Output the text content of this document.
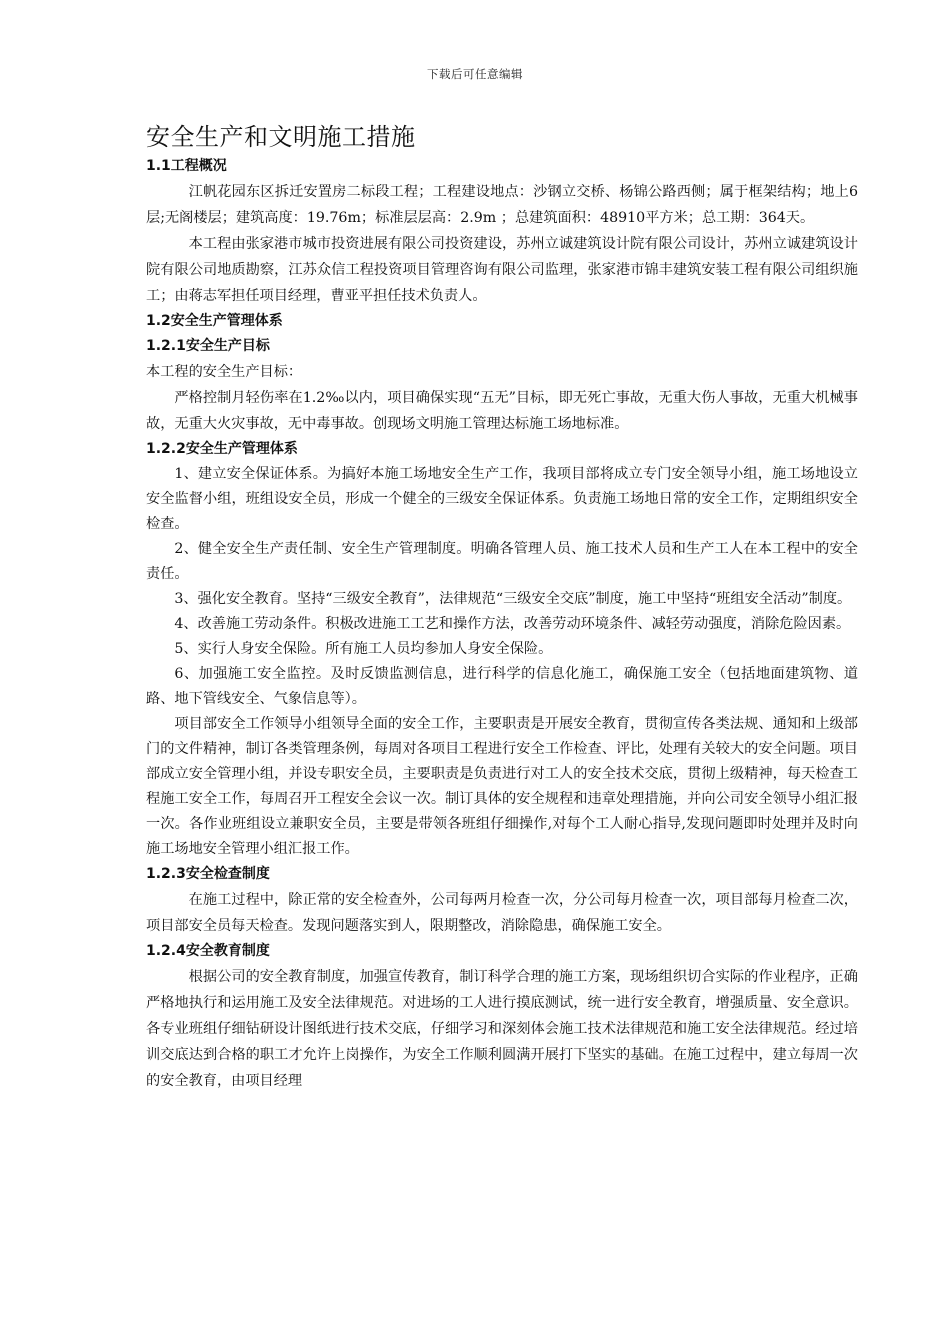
下载后可任意编辑
安全生产和文明施工措施
1.1工程概况

江帆花园东区拆迁安置房二标段工程；工程建设地点：沙钢立交桥、杨锦公路西侧；属于框架结构；地上6层;无阁楼层；建筑高度：19.76m；标准层层高：2.9m ；总建筑面积：48910平方米；总工期：364天。

本工程由张家港市城市投资进展有限公司投资建设，苏州立诚建筑设计院有限公司设计，苏州立诚建筑设计院有限公司地质勘察，江苏众信工程投资项目管理咨询有限公司监理，张家港市锦丰建筑安装工程有限公司组织施工；由蒋志军担任项目经理，曹亚平担任技术负责人。

1.2安全生产管理体系
1.2.1安全生产目标

本工程的安全生产目标：

严格控制月轻伤率在1.2‰以内，项目确保实现“五无”目标，即无死亡事故，无重大伤人事故，无重大机械事故，无重大火灾事故，无中毒事故。创现场文明施工管理达标施工场地标准。

1.2.2安全生产管理体系

1、建立安全保证体系。为搞好本施工场地安全生产工作，我项目部将成立专门安全领导小组，施工场地设立安全监督小组，班组设安全员，形成一个健全的三级安全保证体系。负责施工场地日常的安全工作，定期组织安全检查。

2、健全安全生产责任制、安全生产管理制度。明确各管理人员、施工技术人员和生产工人在本工程中的安全责任。

3、强化安全教育。坚持“三级安全教育”，法律规范“三级安全交底”制度，施工中坚持“班组安全活动”制度。

4、改善施工劳动条件。积极改进施工工艺和操作方法，改善劳动环境条件、减轻劳动强度，消除危险因素。

5、实行人身安全保险。所有施工人员均参加人身安全保险。

6、加强施工安全监控。及时反馈监测信息，进行科学的信息化施工，确保施工安全（包括地面建筑物、道路、地下管线安全、气象信息等）。

项目部安全工作领导小组领导全面的安全工作，主要职责是开展安全教育，贯彻宣传各类法规、通知和上级部门的文件精神，制订各类管理条例，每周对各项目工程进行安全工作检查、评比，处理有关较大的安全问题。项目部成立安全管理小组，并设专职安全员，主要职责是负责进行对工人的安全技术交底，贯彻上级精神，每天检查工程施工安全工作，每周召开工程安全会议一次。制订具体的安全规程和违章处理措施，并向公司安全领导小组汇报一次。各作业班组设立兼职安全员，主要是带领各班组仔细操作,对每个工人耐心指导,发现问题即时处理并及时向施工场地安全管理小组汇报工作。

1.2.3安全检查制度

在施工过程中，除正常的安全检查外，公司每两月检查一次，分公司每月检查一次，项目部每月检查二次，项目部安全员每天检查。发现问题落实到人，限期整改，消除隐患，确保施工安全。

1.2.4安全教育制度

根据公司的安全教育制度，加强宣传教育，制订科学合理的施工方案，现场组织切合实际的作业程序，正确严格地执行和运用施工及安全法律规范。对进场的工人进行摸底测试，统一进行安全教育，增强质量、安全意识。各专业班组仔细钻研设计图纸进行技术交底，仔细学习和深刻体会施工技术法律规范和施工安全法律规范。经过培训交底达到合格的职工才允许上岗操作，为安全工作顺利圆满开展打下坚实的基础。在施工过程中，建立每周一次的安全教育，由项目经理
